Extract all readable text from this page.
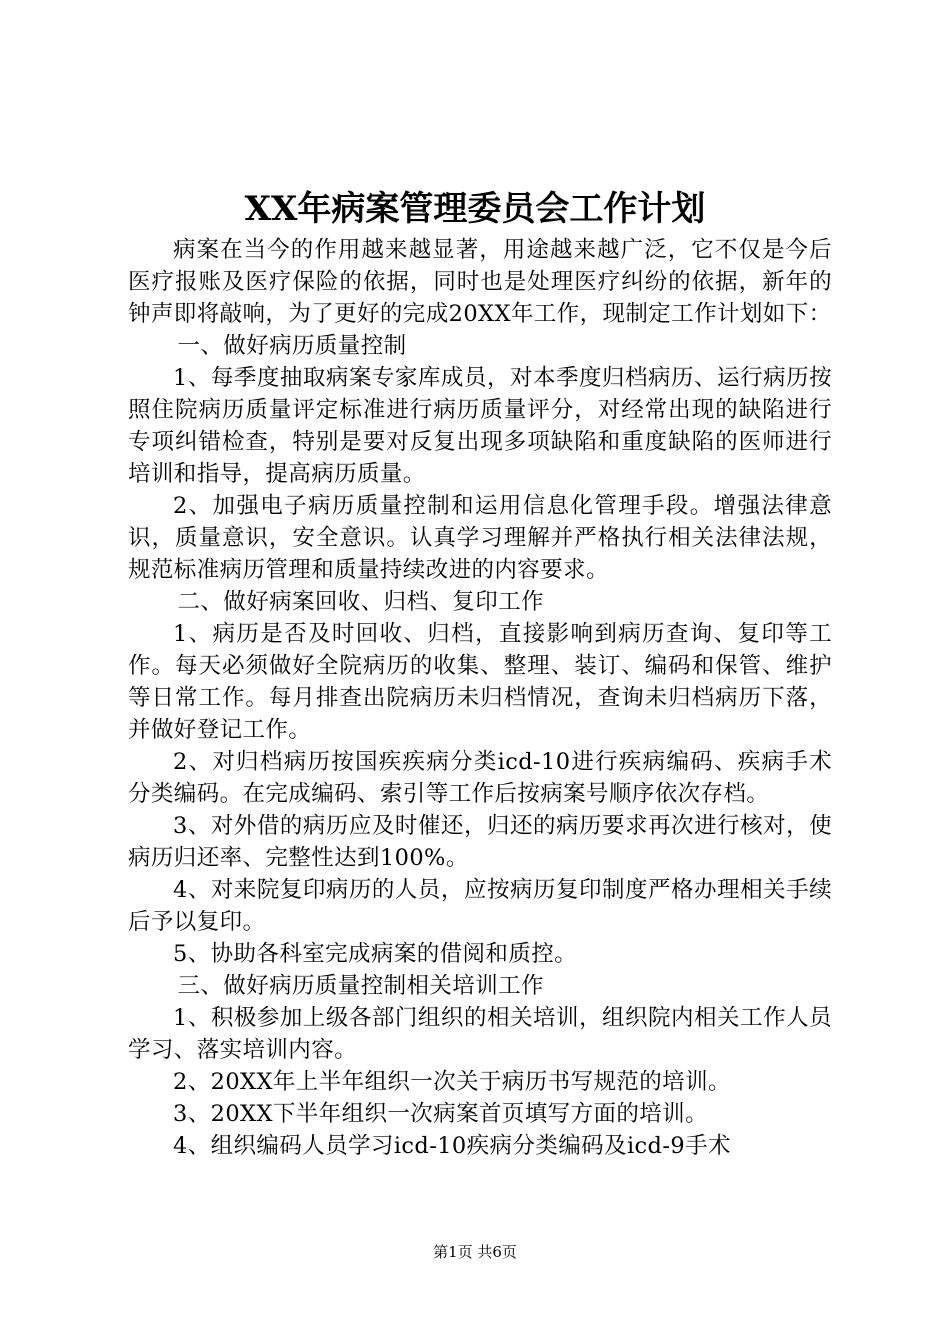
XX年病案管理委员会工作计划

病案在当今的作用越来越显著，用途越来越广泛，它不仅是今后医疗报账及医疗保险的依据，同时也是处理医疗纠纷的依据，新年的钟声即将敲响，为了更好的完成20XX年工作，现制定工作计划如下：

一、做好病历质量控制

1、每季度抽取病案专家库成员，对本季度归档病历、运行病历按照住院病历质量评定标准进行病历质量评分，对经常出现的缺陷进行专项纠错检查，特别是要对反复出现多项缺陷和重度缺陷的医师进行培训和指导，提高病历质量。

2、加强电子病历质量控制和运用信息化管理手段。增强法律意识，质量意识，安全意识。认真学习理解并严格执行相关法律法规，规范标准病历管理和质量持续改进的内容要求。

二、做好病案回收、归档、复印工作

1、病历是否及时回收、归档，直接影响到病历查询、复印等工作。每天必须做好全院病历的收集、整理、装订、编码和保管、维护等日常工作。每月排查出院病历未归档情况，查询未归档病历下落，并做好登记工作。

2、对归档病历按国疾疾病分类icd-10进行疾病编码、疾病手术分类编码。在完成编码、索引等工作后按病案号顺序依次存档。

3、对外借的病历应及时催还，归还的病历要求再次进行核对，使病历归还率、完整性达到100%。

4、对来院复印病历的人员，应按病历复印制度严格办理相关手续后予以复印。

5、协助各科室完成病案的借阅和质控。

三、做好病历质量控制相关培训工作

1、积极参加上级各部门组织的相关培训，组织院内相关工作人员学习、落实培训内容。

2、20XX年上半年组织一次关于病历书写规范的培训。

3、20XX下半年组织一次病案首页填写方面的培训。

4、组织编码人员学习icd-10疾病分类编码及icd-9手术

第1页 共6页
